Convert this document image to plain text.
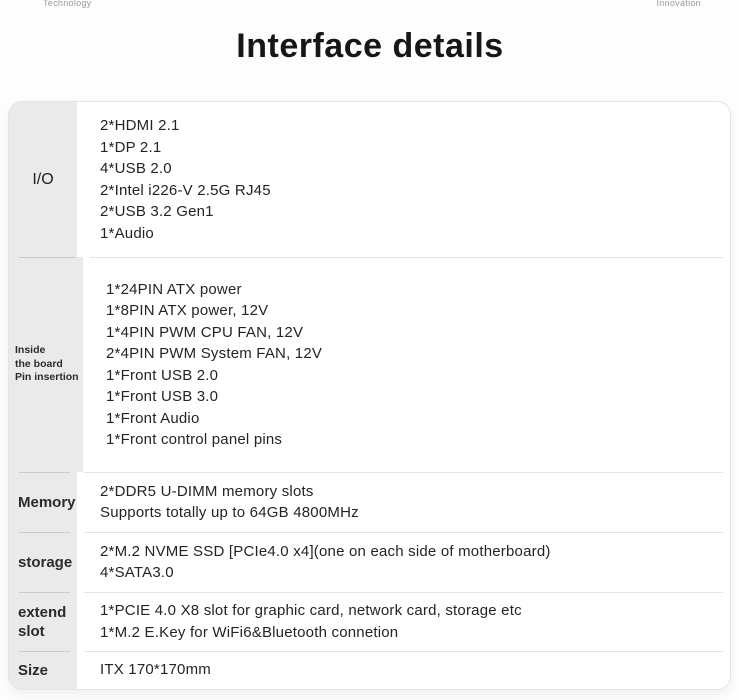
Technology	Innovation
Interface details
I/O
2*HDMI 2.1
1*DP 2.1
4*USB 2.0
2*Intel i226-V 2.5G RJ45
2*USB 3.2 Gen1
1*Audio
Inside
the board
Pin insertion
1*24PIN ATX power
1*8PIN ATX power, 12V
1*4PIN PWM CPU FAN, 12V
2*4PIN PWM System FAN, 12V
1*Front USB 2.0
1*Front USB 3.0
1*Front Audio
1*Front control panel pins
Memory
2*DDR5 U-DIMM memory slots
Supports totally up to 64GB 4800MHz
storage
2*M.2 NVME SSD [PCIe4.0 x4](one on each side of motherboard)
4*SATA3.0
extend slot
1*PCIE 4.0 X8 slot for graphic card, network card, storage etc
1*M.2 E.Key for WiFi6&Bluetooth connetion
Size	ITX 170*170mm
